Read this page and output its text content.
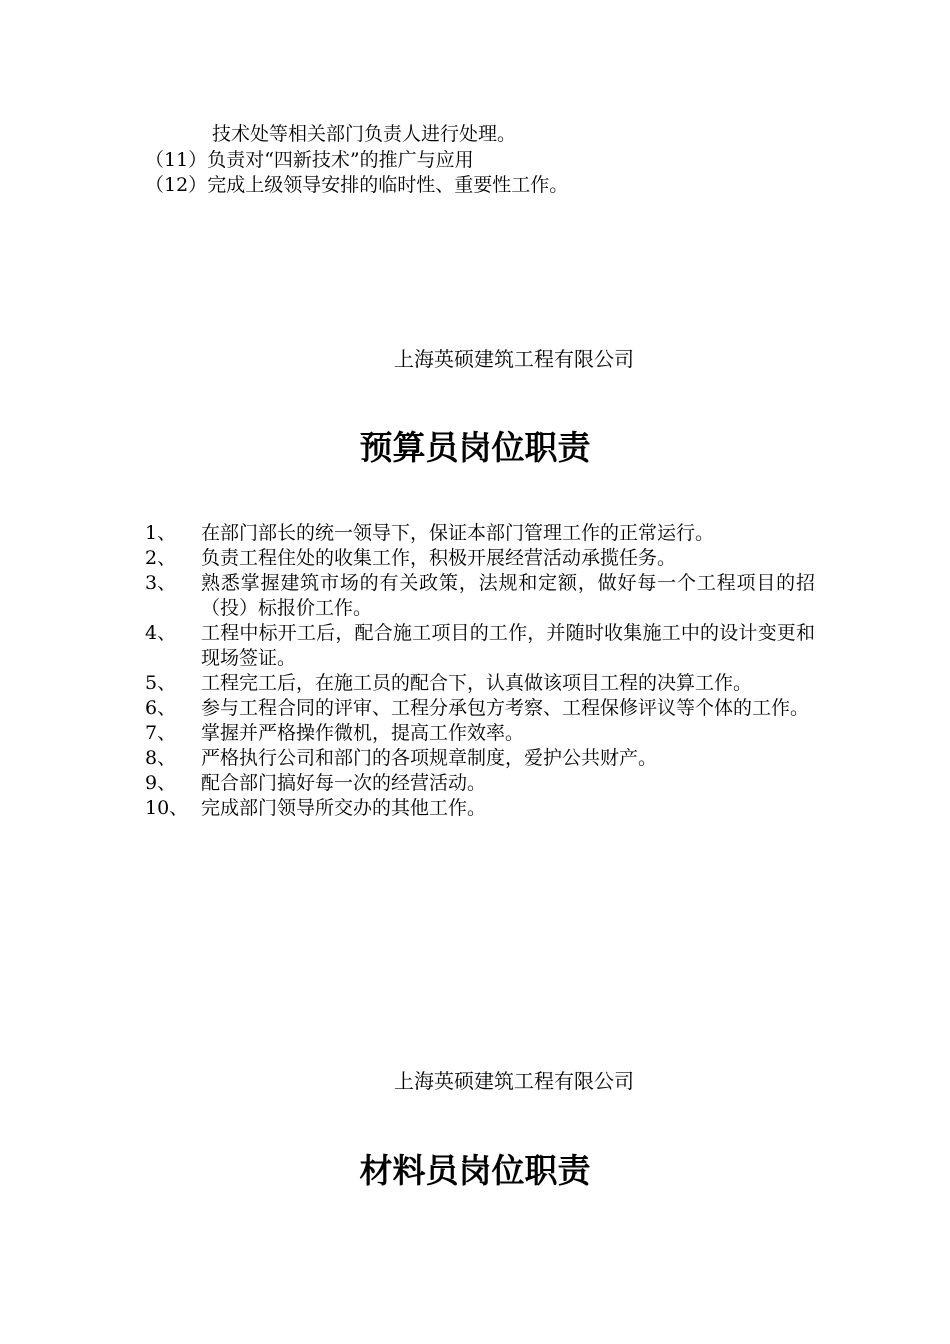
技术处等相关部门负责人进行处理。
（11）负责对“四新技术”的推广与应用
（12）完成上级领导安排的临时性、重要性工作。
上海英硕建筑工程有限公司
预算员岗位职责
1、	在部门部长的统一领导下，保证本部门管理工作的正常运行。
2、	负责工程住处的收集工作，积极开展经营活动承揽任务。
3、	熟悉掌握建筑市场的有关政策，法规和定额，做好每一个工程项目的招（投）标报价工作。
4、	工程中标开工后，配合施工项目的工作，并随时收集施工中的设计变更和现场签证。
5、	工程完工后，在施工员的配合下，认真做该项目工程的决算工作。
6、	参与工程合同的评审、工程分承包方考察、工程保修评议等个体的工作。
7、	掌握并严格操作微机，提高工作效率。
8、	严格执行公司和部门的各项规章制度，爱护公共财产。
9、	配合部门搞好每一次的经营活动。
10、 完成部门领导所交办的其他工作。
上海英硕建筑工程有限公司
材料员岗位职责
